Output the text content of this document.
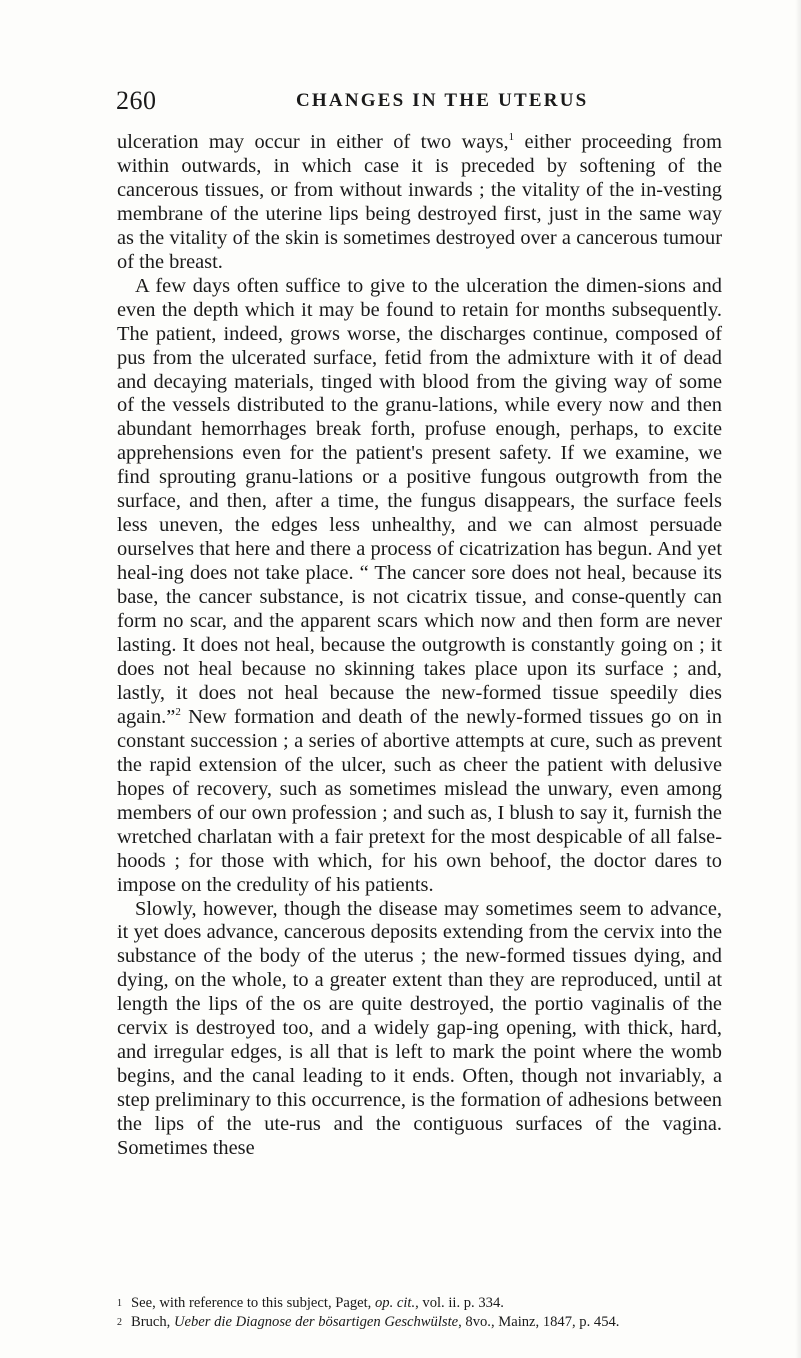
260	CHANGES IN THE UTERUS

ulceration may occur in either of two ways,$^1$ either proceeding from within outwards, in which case it is preceded by softening of the cancerous tissues, or from without inwards ; the vitality of the in-vesting membrane of the uterine lips being destroyed first, just in the same way as the vitality of the skin is sometimes destroyed over a cancerous tumour of the breast.

A few days often suffice to give to the ulceration the dimen-sions and even the depth which it may be found to retain for months subsequently. The patient, indeed, grows worse, the discharges continue, composed of pus from the ulcerated surface, fetid from the admixture with it of dead and decaying materials, tinged with blood from the giving way of some of the vessels distributed to the granu-lations, while every now and then abundant hemorrhages break forth, profuse enough, perhaps, to excite apprehensions even for the patient's present safety. If we examine, we find sprouting granu-lations or a positive fungous outgrowth from the surface, and then, after a time, the fungus disappears, the surface feels less uneven, the edges less unhealthy, and we can almost persuade ourselves that here and there a process of cicatrization has begun. And yet heal-ing does not take place. “ The cancer sore does not heal, because its base, the cancer substance, is not cicatrix tissue, and conse-quently can form no scar, and the apparent scars which now and then form are never lasting. It does not heal, because the outgrowth is constantly going on ; it does not heal because no skinning takes place upon its surface ; and, lastly, it does not heal because the new-formed tissue speedily dies again.”$^2$ New formation and death of the newly-formed tissues go on in constant succession ; a series of abortive attempts at cure, such as prevent the rapid extension of the ulcer, such as cheer the patient with delusive hopes of recovery, such as sometimes mislead the unwary, even among members of our own profession ; and such as, I blush to say it, furnish the wretched charlatan with a fair pretext for the most despicable of all false-hoods ; for those with which, for his own behoof, the doctor dares to impose on the credulity of his patients.

Slowly, however, though the disease may sometimes seem to advance, it yet does advance, cancerous deposits extending from the cervix into the substance of the body of the uterus ; the new-formed tissues dying, and dying, on the whole, to a greater extent than they are reproduced, until at length the lips of the os are quite destroyed, the portio vaginalis of the cervix is destroyed too, and a widely gap-ing opening, with thick, hard, and irregular edges, is all that is left to mark the point where the womb begins, and the canal leading to it ends. Often, though not invariably, a step preliminary to this occurrence, is the formation of adhesions between the lips of the ute-rus and the contiguous surfaces of the vagina. Sometimes these

1 See, with reference to this subject, Paget, op. cit., vol. ii. p. 334.
2 Bruch, Ueber die Diagnose der bösartigen Geschwülste, 8vo., Mainz, 1847, p. 454.
